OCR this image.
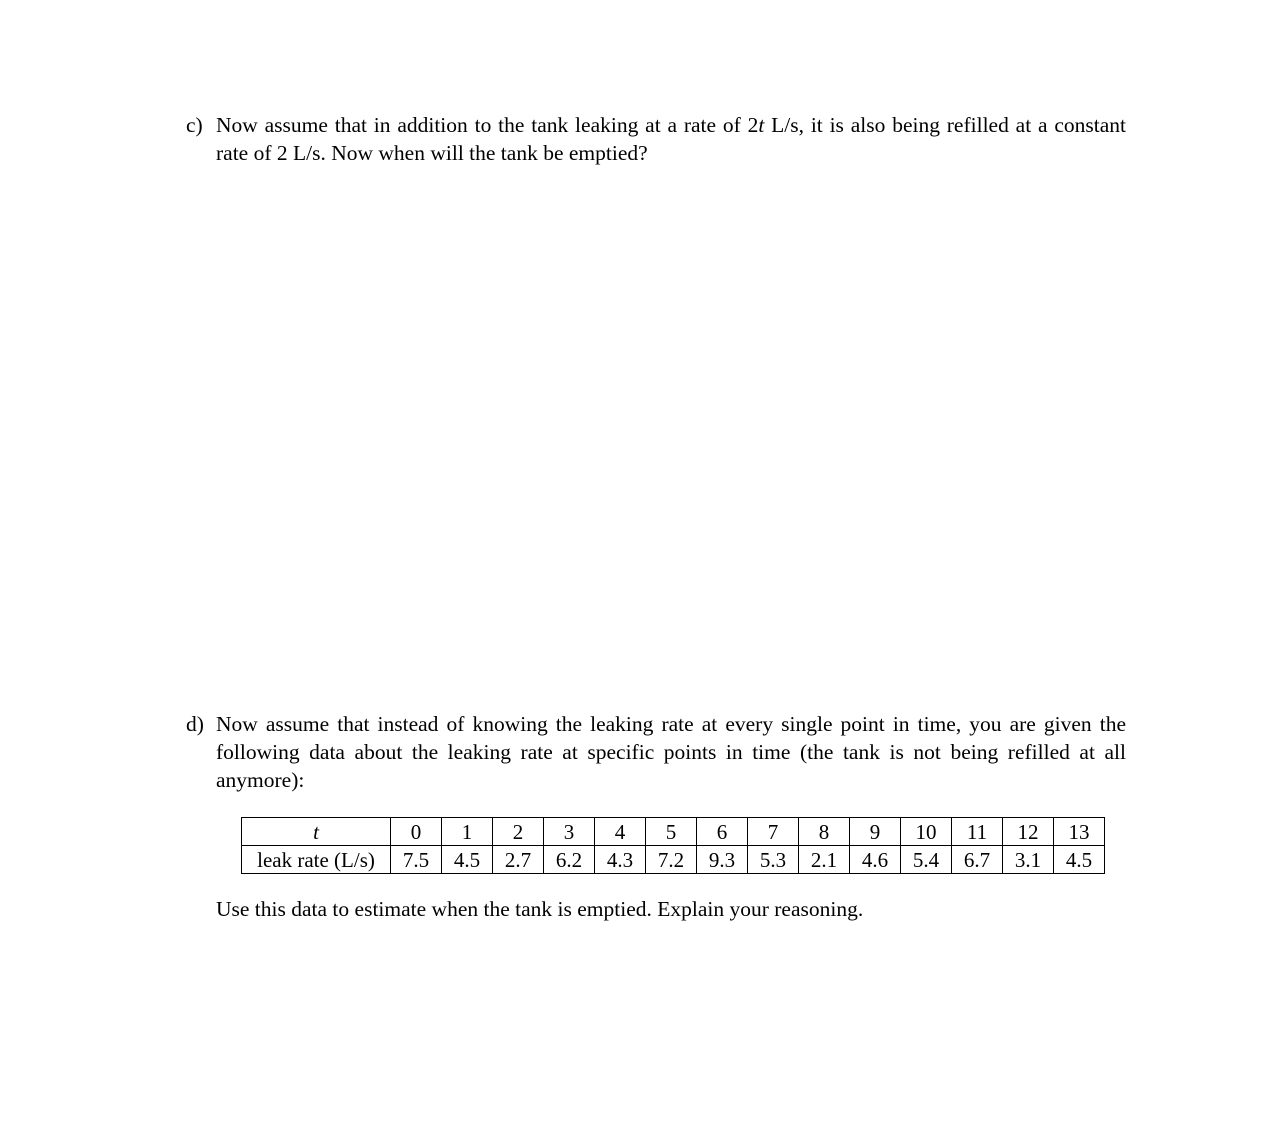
c) Now assume that in addition to the tank leaking at a rate of 2t L/s, it is also being refilled at a constant rate of 2 L/s. Now when will the tank be emptied?
d) Now assume that instead of knowing the leaking rate at every single point in time, you are given the following data about the leaking rate at specific points in time (the tank is not being refilled at all anymore):
t	0	1	2	3	4	5	6	7	8	9	10	11	12	13
leak rate (L/s)	7.5	4.5	2.7	6.2	4.3	7.2	9.3	5.3	2.1	4.6	5.4	6.7	3.1	4.5
Use this data to estimate when the tank is emptied. Explain your reasoning.
